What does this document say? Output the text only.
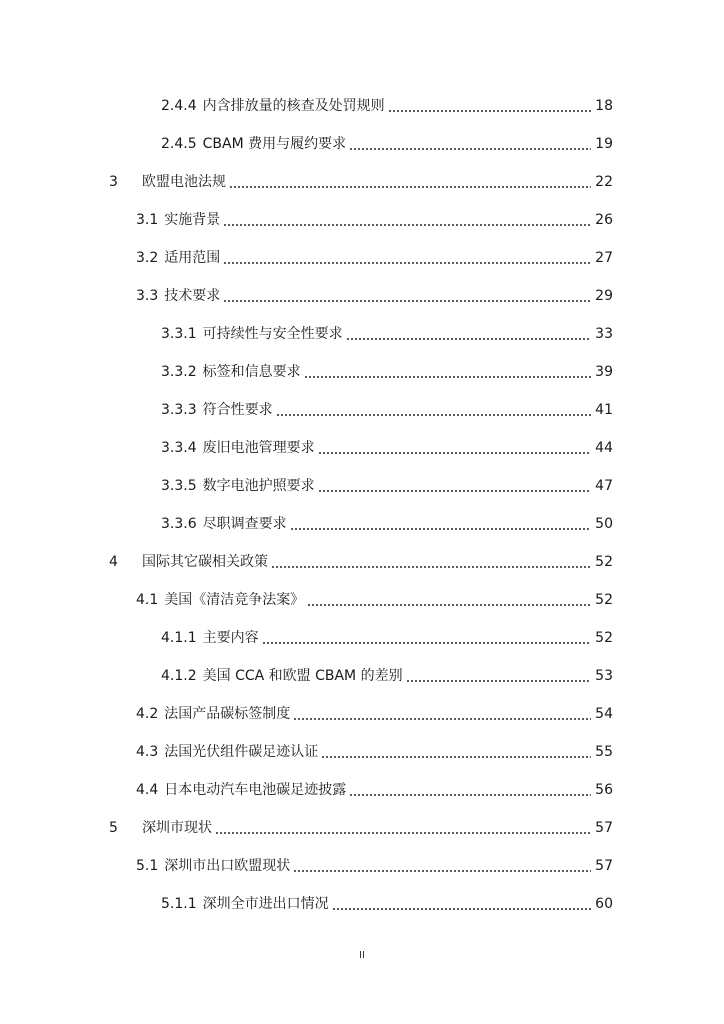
2.4.4 内含排放量的核查及处罚规则	18
2.4.5 CBAM 费用与履约要求	19
3 欧盟电池法规	22
3.1 实施背景	26
3.2 适用范围	27
3.3 技术要求	29
3.3.1 可持续性与安全性要求	33
3.3.2 标签和信息要求	39
3.3.3 符合性要求	41
3.3.4 废旧电池管理要求	44
3.3.5 数字电池护照要求	47
3.3.6 尽职调查要求	50
4 国际其它碳相关政策	52
4.1 美国《清洁竞争法案》	52
4.1.1 主要内容	52
4.1.2 美国 CCA 和欧盟 CBAM 的差别	53
4.2 法国产品碳标签制度	54
4.3 法国光伏组件碳足迹认证	55
4.4 日本电动汽车电池碳足迹披露	56
5 深圳市现状	57
5.1 深圳市出口欧盟现状	57
5.1.1 深圳全市进出口情况	60
II
